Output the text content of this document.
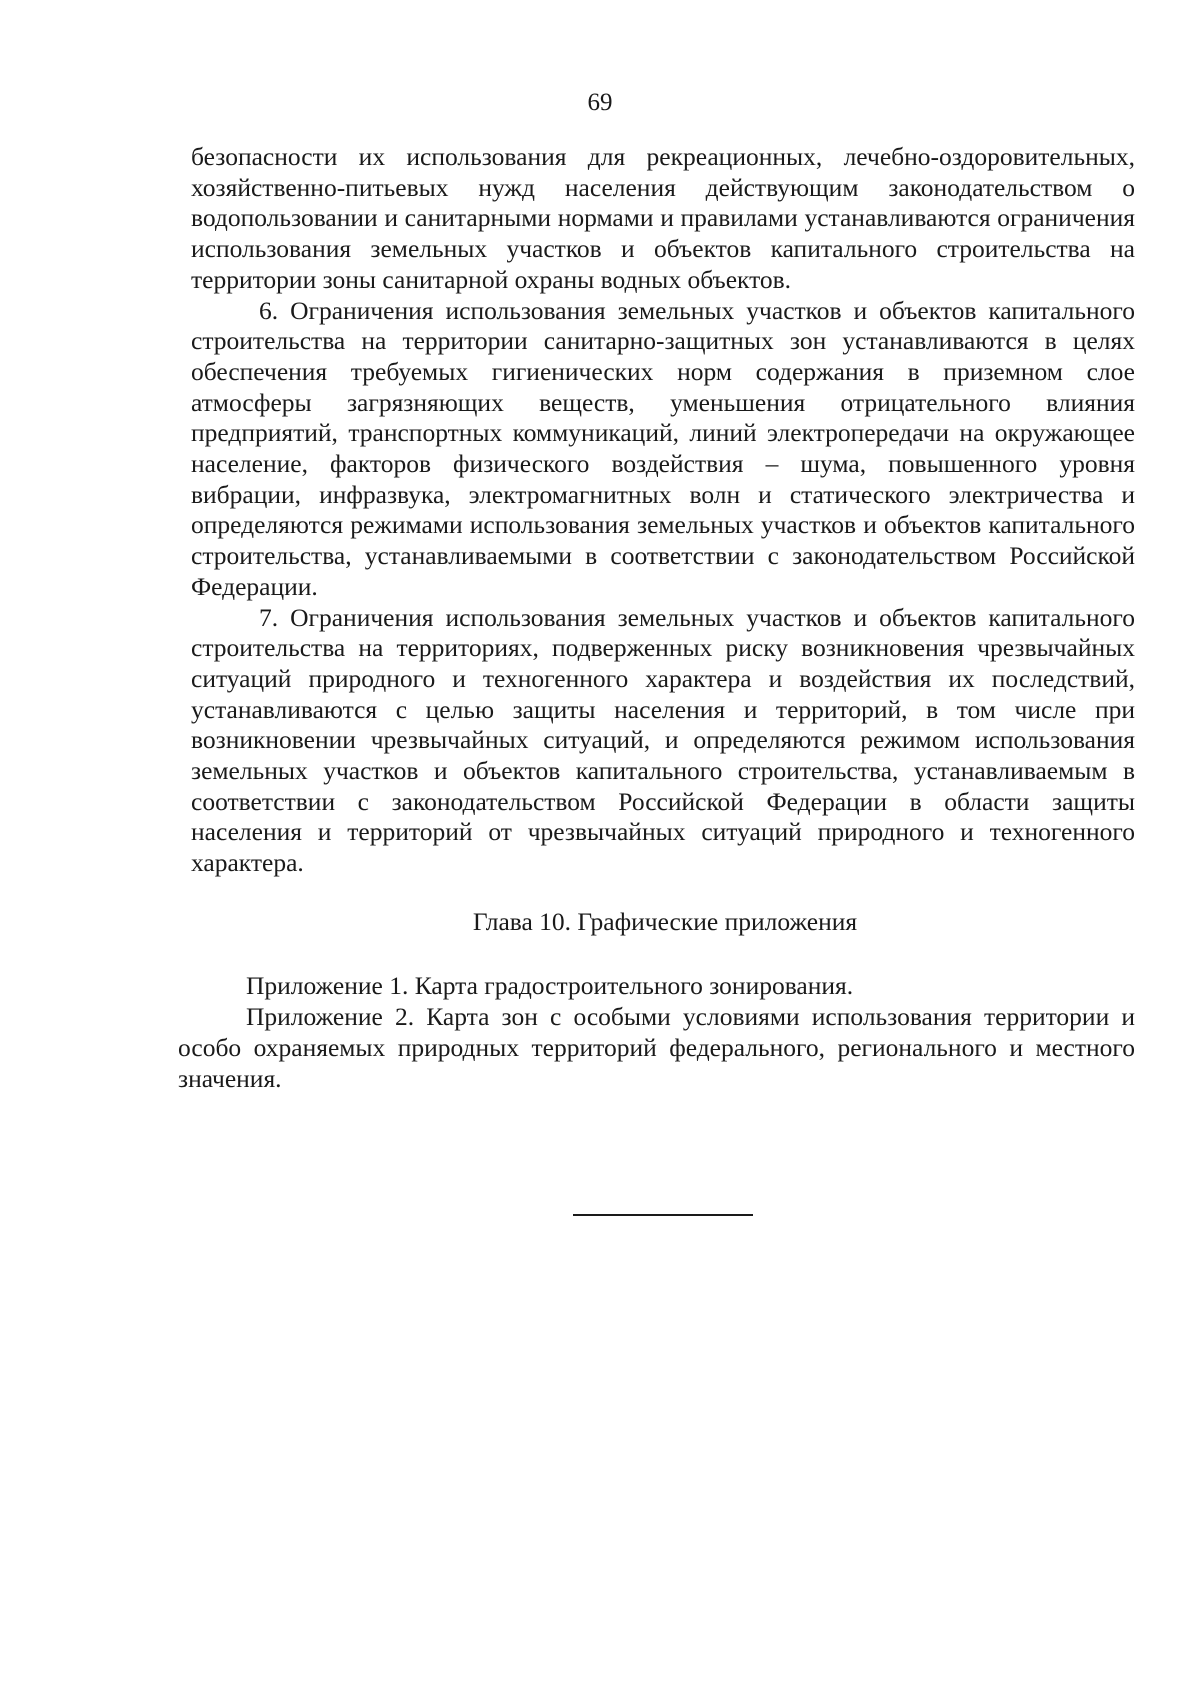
69

безопасности их использования для рекреационных, лечебно-оздоровительных, хозяйственно-питьевых нужд населения действующим законодательством о водопользовании и санитарными нормами и правилами устанавливаются ограничения использования земельных участков и объектов капитального строительства на территории зоны санитарной охраны водных объектов.

6. Ограничения использования земельных участков и объектов капитального строительства на территории санитарно-защитных зон устанавливаются в целях обеспечения требуемых гигиенических норм содержания в приземном слое атмосферы загрязняющих веществ, уменьшения отрицательного влияния предприятий, транспортных коммуникаций, линий электропередачи на окружающее население, факторов физического воздействия – шума, повышенного уровня вибрации, инфразвука, электромагнитных волн и статического электричества и определяются режимами использования земельных участков и объектов капитального строительства, устанавливаемыми в соответствии с законодательством Российской Федерации.

7. Ограничения использования земельных участков и объектов капитального строительства на территориях, подверженных риску возникновения чрезвычайных ситуаций природного и техногенного характера и воздействия их последствий, устанавливаются с целью защиты населения и территорий, в том числе при возникновении чрезвычайных ситуаций, и определяются режимом использования земельных участков и объектов капитального строительства, устанавливаемым в соответствии с законодательством Российской Федерации в области защиты населения и территорий от чрезвычайных ситуаций природного и техногенного характера.

Глава 10. Графические приложения

Приложение 1. Карта градостроительного зонирования.

Приложение 2. Карта зон с особыми условиями использования территории и особо охраняемых природных территорий федерального, регионального и местного значения.
